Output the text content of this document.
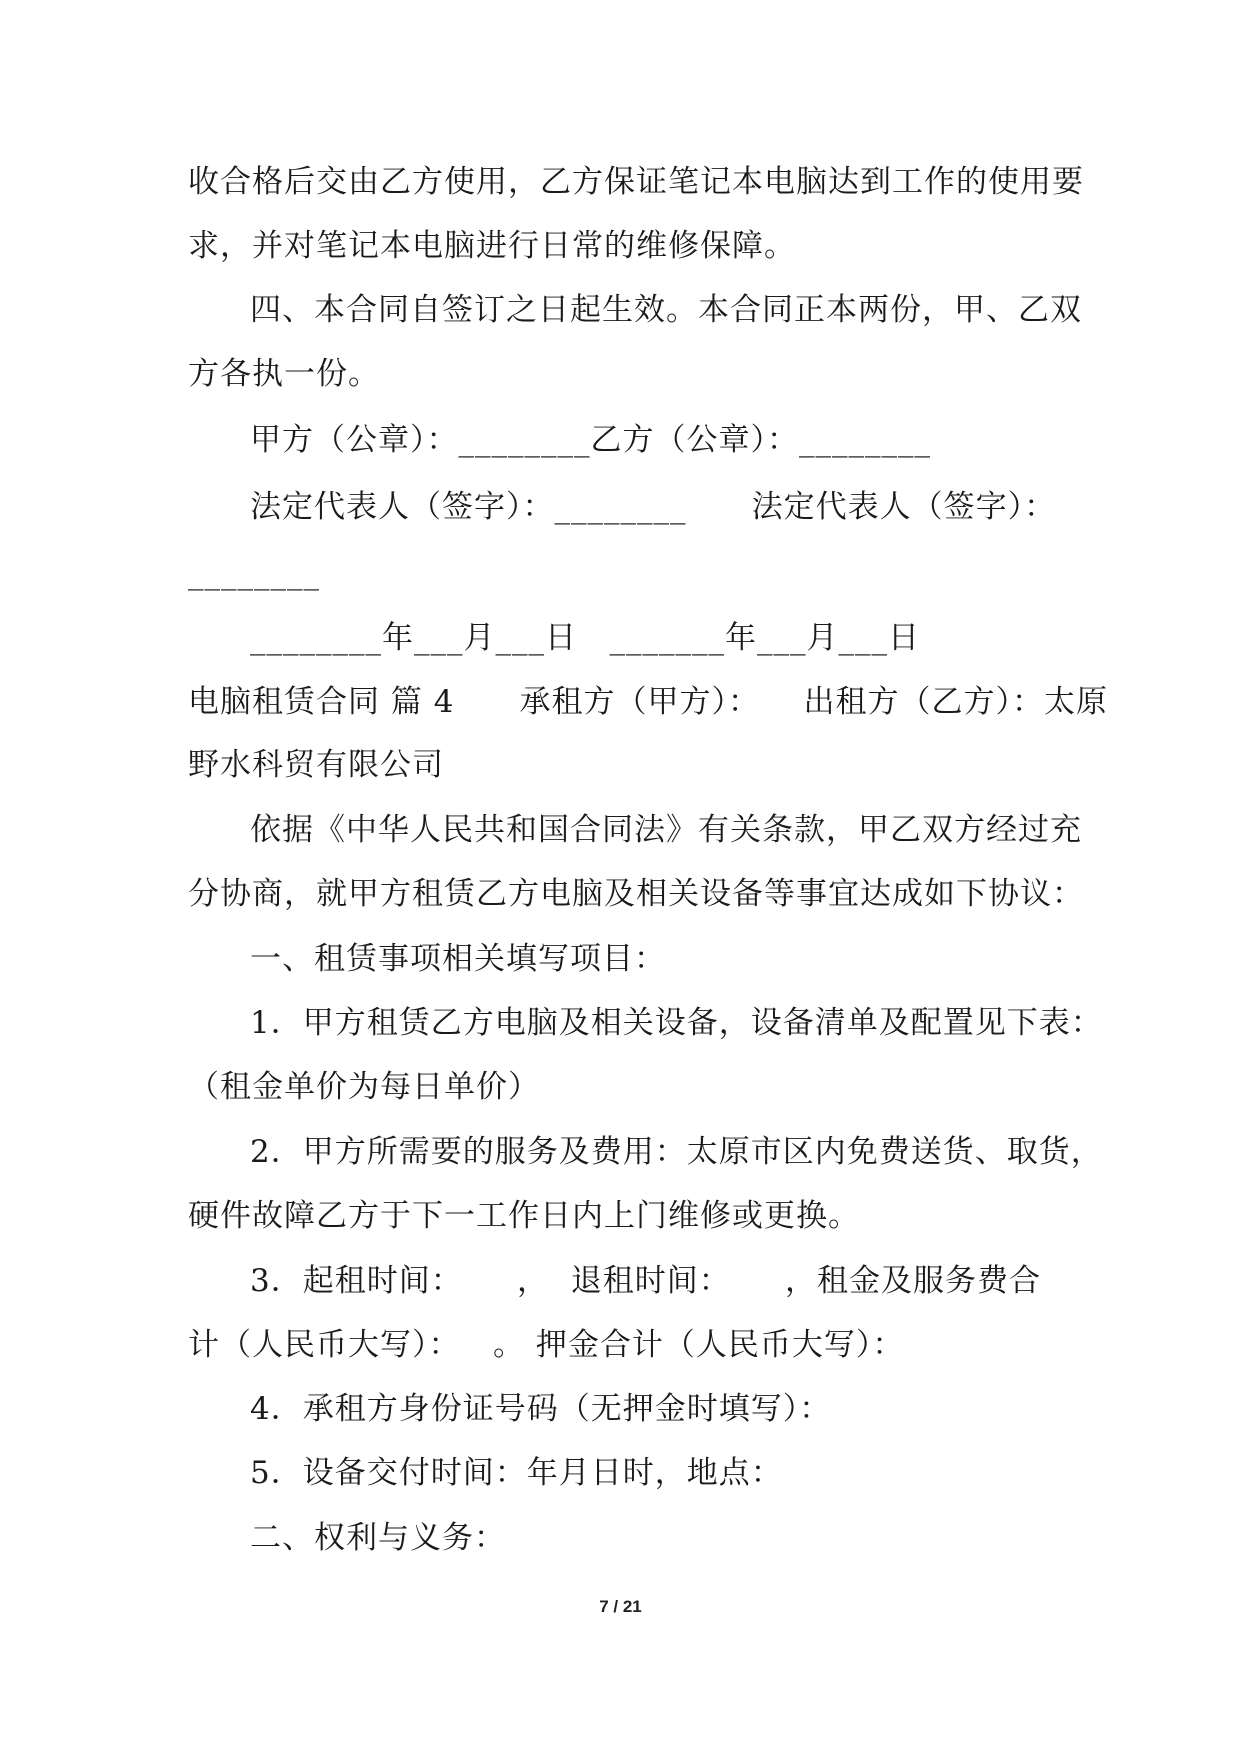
收合格后交由乙方使用，乙方保证笔记本电脑达到工作的使用要
求，并对笔记本电脑进行日常的维修保障。
四、本合同自签订之日起生效。本合同正本两份，甲、乙双
方各执一份。
甲方（公章）：________乙方（公章）：________
法定代表人（签字）：________      法定代表人（签字）：
________
________年___月___日   _______年___月___日
电脑租赁合同 篇 4      承租方（甲方）：    出租方（乙方）：太原
野水科贸有限公司
依据《中华人民共和国合同法》有关条款，甲乙双方经过充
分协商，就甲方租赁乙方电脑及相关设备等事宜达成如下协议：
一、租赁事项相关填写项目：
1．甲方租赁乙方电脑及相关设备，设备清单及配置见下表：
（租金单价为每日单价）
2．甲方所需要的服务及费用：太原市区内免费送货、取货，
硬件故障乙方于下一工作日内上门维修或更换。
3．起租时间：     ，  退租时间：     ，租金及服务费合
计（人民币大写）：   。 押金合计（人民币大写）：
4．承租方身份证号码（无押金时填写）：
5．设备交付时间：年月日时，地点：
二、权利与义务：
7 / 21
